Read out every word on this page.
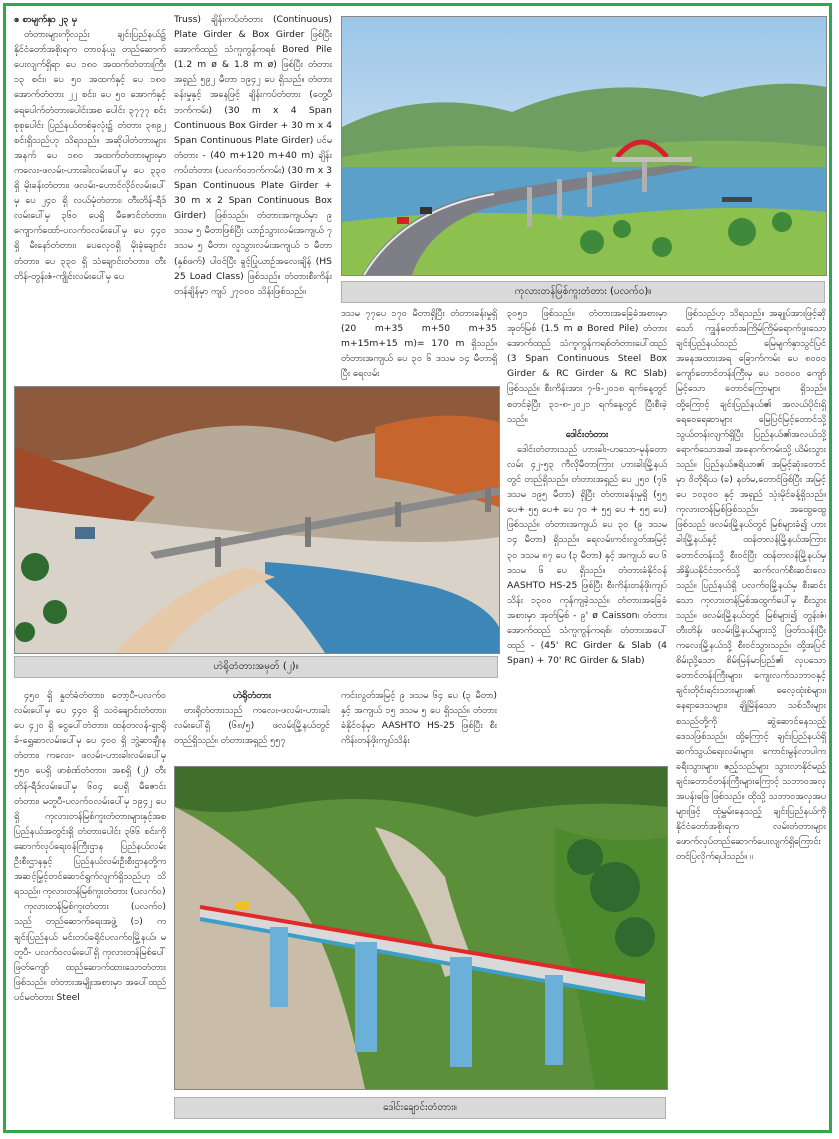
ဧ စာမျက်နှာ ၂၃ မှ

တံတားများကိုလည်း ချင်းပြည်နယ်၌ နိုင်ငံတော်အစိုးရက တာဝန်ယူ တည်ဆောက်ပေးလျက်ရှိရာ ပေ ၁၈၀ အထက်တံတားကြီး ၁၃ စင်း၊ ပေ ၅၀ အထက်နှင့် ပေ ၁၈၀ အောက်တံတား ၂၂ စင်း၊ ပေ ၅၀ အောက်နှင့် ရေပေါက်တံတားပေါင်းအစ ပေါင်း ၃၇၇၇ စင်း စုစုပေါင်း ပြည်နယ်တစ်ခုလုံး၌ တံတား ၃၈၉၂ စင်းရှိသည်ဟု သိရသည်။ အဆိုပါတံတားများအနက် ပေ ၁၈၀ အထက်တံတားများမှာ ကလေး-ဖလမ်း-ဟားခါးလမ်းပေါ်မှ ပေ ၃၃၀ ရှိ မိုးခန်းတံတား၊ ဖလမ်း-ဟောင်လိုဝ်လမ်းပေါ်မှ ပေ ၂၄၀ ရှိ လယ်မုံတံတား၊ တီးတိန်-ရီဒ်လမ်းပေါ်မှ ၃၆၀ ပေရှိ မီဇောင်တံတား၊ ကျောက်ထော်-ပလက်ဝလမ်းပေါ်မှ ပေ ၄၄၀ ရှိ မီးနော်တံတား၊ ပေလေ့ဝရှိ မိုးခုံချောင်းတံတား၊ ပေ ၃၃၀ ရှိ သံချောင်းတံတား၊ တီးတိန်-တွန်းဇံ-ကျိုင်းလမ်းပေါ်မှ ပေ

Truss) ချိန်းကပ်တံတား (Continuous) Plate Girder & Box Girder ဖြစ်ပြီး အောက်ထည် သံကူကွန်ကရစ် Bored Pile (1.2 m ø & 1.8 m ø) ဖြစ်ပြီး တံတားအရှည် ၅၉၂ မီတာ ၁၉၄၂ ပေ ရှိသည်။ တံတားခန်းမှုနှင့် အနေဖြင့် ချိန်းကပ်တံတား (တွေ့ပီဘက်ကမ်း) (30 m x 4 Span Continuous Box Girder + 30 m x 4 Span Continuous Plate Girder) ပင်မတံတား - (40 m+120 m+40 m) ချိန်းကပ်တံတား (ပလက်ဝဘက်ကမ်း) (30 m x 3 Span Continuous Plate Girder + 30 m x 2 Span Continuous Box Girder) ဖြစ်သည်။ တံတားအကျယ်မှာ ၉ ဒသမ ၅ မီတာဖြစ်ပြီး ယာဉ်သွားလမ်းအကျယ် ၇ ဒသမ ၅ မီတာ၊ လူသွားလမ်းအကျယ် ၁ မီတာ (နှစ်ဖက်) ပါဝင်ပြီး ခွင့်ပြုယာဉ်အလေးချိန် (HS 25 Load Class) ဖြစ်သည်။ တံတားစီးကိန်းတန်ချိန်မှာ ကျပ် ၂၇၀၀၀ သိန်းဖြစ်သည်။	ကုလားတန်မြစ်ကူးတံတား (ပလက်ဝ)။

ဒသမ ၇၇ပေ ၁၇၀ မီတာရှိပြီး တံတားခန်းမှုရှိ (20 m+35 m+50 m+35 m+15m+15 m)= 170 m ရှိသည်။ တံတားအကျယ် ပေ ၃၀ ၆ ဒသမ ၁၄ မီတာရှိပြီး ရေလမ်း

၃၀၅၁ ဖြစ်သည်။ တံတားအခြေခံအစားမှာ အုတ်မြစ် (1.5 m ø Bored Pile) တံတားအောက်ထည် သံကူကွန်ကရစ်တံတားပေါ်ထည် (3 Span Continuous Steel Box Girder & RC Girder & RC Slab) ဖြစ်သည်။ စီးကိန်းအား ၇-၆-၂၀၁၈ ရက်နေ့တွင် စတင်ခဲ့ပြီး ၃၁-၈-၂၀၂၁ ရက်နေ့တွင် ပြီးစီးခဲ့သည်။

ဒေါင်းတံတား

ဒေါင်းတံတားသည် ဟားခါး-ဟသော-မုန်တောလမ်း ၄၂-၅၃ ကီလိုမီတာကြား ဟားခါးမြို့နယ်တွင် တည်ရှိသည်။ တံတားအရှည် ပေ ၂၅၀ (၇၆ ဒသမ ၁၉၅ မီတာ) ရှိပြီး တံတားခန်းမှုရှိ (၅၅ ပေ+ ၅၅ ပေ+ ပေ ၇၀ + ၅၅ ပေ + ၅၅ ပေ) ဖြစ်သည်။ တံတားအကျယ် ပေ ၃၀ (၉ ဒသမ ၁၄ မီတာ) ရှိသည်။ ရေလမ်းကင်းလွတ်အမြင့် ၃၀ ဒသမ ၈၇ ပေ (၃ မီတာ) နှင့် အကျယ် ပေ ၆ ဒသမ ၆ ပေ ရှိသည်။ တံတားခံနိုင်ဝန် AASHTO HS-25 ဖြစ်ပြီး စီးကိန်းတန်ဖိုးကျပ်သိန်း ၁၃၀၀ ကုန်ကျခဲ့သည်။ တံတားအခြေခံအစားမှာ အုတ်မြစ် - ၉' ø Caisson၊ တံတားအောက်ထည် သံကူကွန်ကရစ်၊ တံတားအပေါ်ထည် - (45' RC Girder & Slab (4 Span) + 70' RC Girder & Slab)

ဖြစ်သည်ဟု သိရသည်။ အချုပ်အားဖြင့်ဆိုသော် ကျွန်တော်အကြိမ်ကြိမ်ရောက်ဖူးသော ချင်းပြည်နယ်သည် မြေမျက်နှာသွင်ပြင်အနေအထားအရ ခြောက်ကမ်း ပေ ၈၀၀၀ ကျော်တောင်တန်းကြီးမှ ပေ ၁၀၀၀၀ ကျော်မြင့်သော တောင်ကြောများ ရှိသည်။ ထို့ကြောင့် ချင်းပြည်နယ်၏ အလယ်ပိုင်းရှိ ရေဝေရေဆာများ မြေပြင်မြင့်တောင်သို့ သွယ်တန်းလျက်ရှိပြီး ပြည်နယ်၏အလယ်သို့ ရောက်သောအခါ အနောက်ကမ်းသို့ ယိမ်းသွားသည်။ ပြည်နယ်ဧရိယာ၏ အမြင့်ဆုံးတောင်မှာ ဝိတိုရိယ (ခ) နတ်မ,တောင်ဖြစ်ပြီး အမြင့်ပေ ၁၀၃၀၀ နှင့် အရှည် သုံးမိုင်ခန့်ရှိသည်။ ကုလားတန်မြစ်ဖြစ်သည်။ အထွေထွေဖြစ်သည် ဖလမ်းမြို့နယ်တွင် မြစ်များခံ၍ ဟားခါးမြို့နယ်နှင့် ထန်တလန်မြို့နယ်အကြားတောင်တန်းသို့ စီးဝင်ပြီး ထန်တလန်မြို့နယ်မှ အိန္ဒိယနိုင်ငံဘက်သို့ ဆက်လက်စီးဆင်းလေသည်။ ပြည်နယ်ရှိ ပလက်ဝမြို့နယ်မှ စီးဆင်းသော ကုလားတန်မြစ်အထွက်ပေါ်မှ စီးသွားသည်။ ဖလမ်းမြို့နယ်တွင် မြစ်များ၍ တွန်းဇံ၊ တီးတိန်၊ ဖလမ်းမြို့နယ်များသို့ ဖြတ်သန်းပြီး ကလေးမြို့နယ်သို့ စီးဝင်သွားသည်။ ထို့အပြင် စိမ်းညို့သော စိမ်းမြန်မာပြည်၏ လှပသော တောင်တန်းကြီးများ၊ ကျေးလက်သဘာဝနှင့် ချင်းတိုင်းရင်းသားများ၏ ဓလေ့ထုံးစံများ၊ နေရာဒေသများ၊ ချိုမြိန်သော သစ်သီးများ စသည်တို့ကို ဆွဲဆောင်နေသည့် ဒေသဖြစ်သည်။ ထို့ကြောင့် ချင်းပြည်နယ်ရှိ ဆက်သွယ်ရေးလမ်းများ ကောင်းမွန်လာပါက ခရီးသွားများ၊ ဧည့်သည်များ သွားလာနိုင်မည့် ချင်းတောင်တန်းကြီးများကြောင့် သဘာဝအလှ အပန်းဖြေ ဖြစ်သည်။ ထိုသို့ သဘာဝအလှအပများဖြင့် ထုံမွှမ်းနေသည့် ချင်းပြည်နယ်ကို နိုင်ငံတော်အစိုးရက လမ်းတံတားများ ဖောက်လုပ်တည်ဆောက်ပေးလျက်ရှိကြောင်း တင်ပြလိုက်ရပါသည်။ ။

ဟဲရိုတံတားအမှတ် (၂)။

၄၅၀ ရှိ နှုတ်ခံတံတား၊ တော့ပီ-ပလက်ဝလမ်းပေါ်မှ ပေ ၄၄၀ ရှိ သဝဲချောင်းတံတား၊ ပေ ၄၂၀ ရှိ ငွေပေါ်တံတား၊ ထန်တလန်-ရှာရိုခ်-ရွှေဆာလမ်းပေါ်မှ ပေ ၄၀၀ ရှိ ဘွဲ့ဆာချီးနတံတား၊ ကလေး- ဖလမ်း-ဟားခါးလမ်းပေါ်မှ ၅၅၀ ပေရှိ ဖာစံဏ်တံတား၊ အစရှိ (၂) တီးတိန်-ရီဒ်လမ်းပေါ်မှ ၆၀၄ ပေရှိ မီဇောင်းတံတား၊ မတူပီ-ပလက်ဝလမ်းပေါ်မှ ၁၉၄၂ ပေရှိ ကုလားတန်မြစ်ကူးတံတားများနှင့်အစ ပြည်နယ်အတွင်းရှိ တံတားပေါင်း ၃၆၆ စင်းကို ဆောက်လုပ်ရေးဝန်ကြီးဌာန ပြည်နယ်လမ်းဦးစီးဌာနနှင့် ပြည်နယ်လမ်းဦးစီးဌာနတို့က အဆင့်မြှင့်တင်ဆောင်ရွက်လျက်ရှိသည်ဟု သိရသည်။ ကုလားတန်မြစ်ကူးတံတား (ပလက်ဝ)

ကုလားတန်မြစ်ကူးတံတား (ပလက်ဝ) သည် တည်ဆောက်ရေးအဖွဲ့ (၁) က ချင်းပြည်နယ် မင်းတပ်ခရိုင်ပလက်ဝမြို့နယ်၊ မတူပီ- ပလက်ဝလမ်းပေါ်ရှိ ကုလားတန်မြစ်ပေါ်ဖြတ်ကျော် ထည်ဆောက်ထားသောတံတားဖြစ်သည်။ တံတားအမျိုးအစားမှာ အပေါ်ထည် ပင်မတံတား Steel

ဟဲရိုတံတား

ဗားရိုတံတားသည် ကလေး-ဖလမ်း-ဟားခါးလမ်းပေါ်ရှိ (၆၈/၅) ဖလမ်းမြို့နယ်တွင် တည်ရှိသည်။ တံတားအရှည် ၅၅၇

ကင်းလွတ်အမြင့် ၉ ဒသမ ၆၄ ပေ (၃ မီတာ) နှင့် အကျယ် ၁၅ ဒသမ ၅ ပေ ရှိသည်။ တံတားခံနိုင်ဝန်မှာ AASHTO HS-25 ဖြစ်ပြီး စီးကိန်းတန်ဖိုးကျပ်သိန်း

ဒေါင်းချောင်းတံတား။
